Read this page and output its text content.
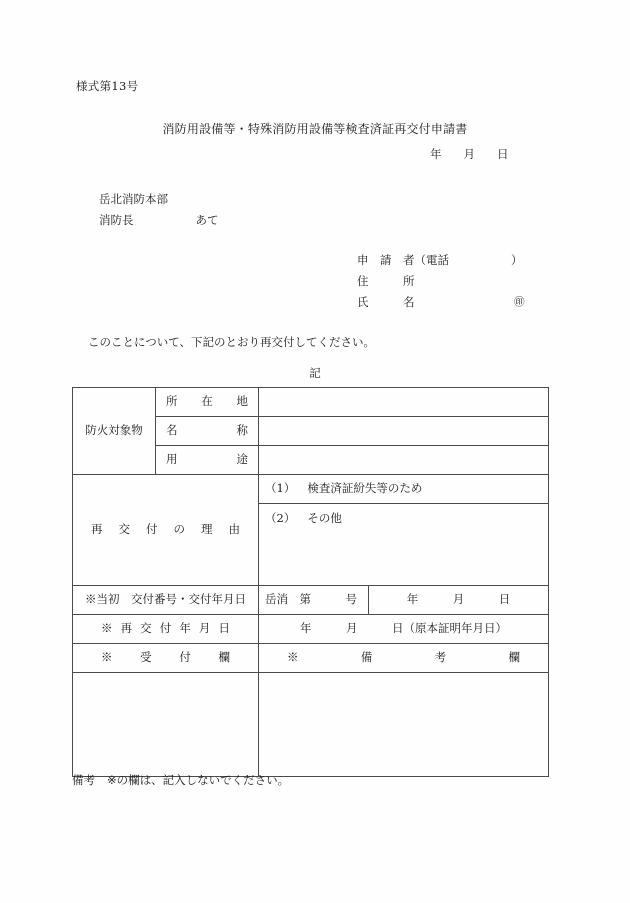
様式第13号
消防用設備等・特殊消防用設備等検査済証再交付申請書
年 月 日
岳北消防本部
消防長	あて
申　請　者（電話	）
住　　　所
氏　　　名	㊞
このことについて、下記のとおり再交付してください。
記
防火対象物	所在地		

	名称		

	用途		

再交付の理由		（1） 検査済証紛失等のため	
		（2） その他	
※当初　交付番号・交付年月日		岳消　第　　　号	年　　　月　　　日

※再交付年月日		年　　　月　　　日（原本証明年月日）	

※受付欄		※備考欄	

備考 ※の欄は、記入しないでください。
